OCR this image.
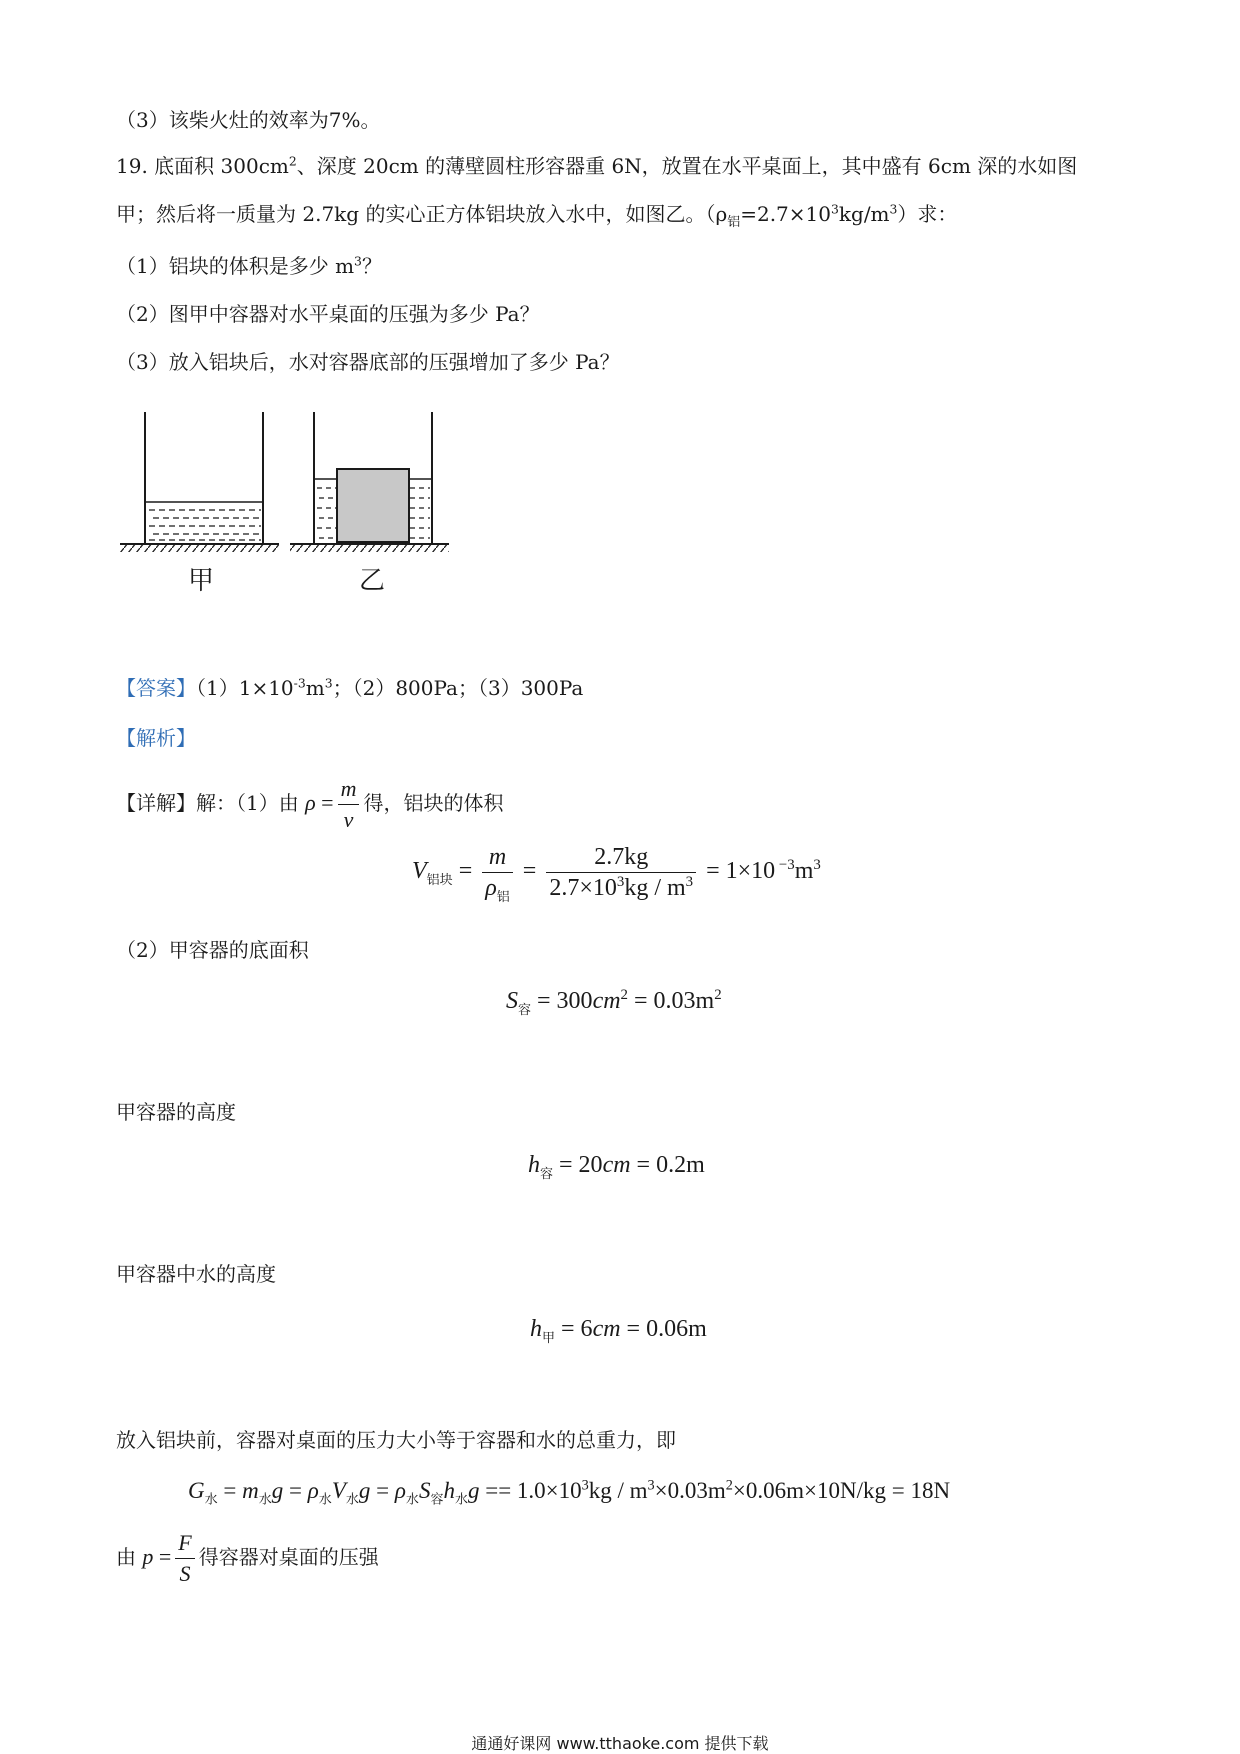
（3）该柴火灶的效率为7%。
19. 底面积 $300cm^2$、深度 20cm 的薄壁圆柱形容器重 6N，放置在水平桌面上，其中盛有 6cm 深的水如图
甲；然后将一质量为 2.7kg 的实心正方体铝块放入水中，如图乙。$(\rho_铝=2.7\times 10^3kg/m^3)$求：
（1）铝块的体积是多少 $m^3$？
（2）图甲中容器对水平桌面的压强为多少 Pa？
（3）放入铝块后，水对容器底部的压强增加了多少 Pa？
甲	乙
【答案】$(1)1\times 10^{-3}m^3$；（2）800Pa；（3）300Pa
【解析】
【详解】解：（1）由 $\rho = \frac{m}{v}$ 得，铝块的体积
$V_{铝块} = \frac{m}{\rho_铝} = \frac{2.7kg}{2.7\times 10^3kg / m^3} = 1\times 10$ $^{-3}m^3$
（2）甲容器的底面积
$S_容 = 300cm^2 = 0.03m^2$
甲容器的高度
$h_容 = 20cm = 0.2m$
甲容器中水的高度
$h_甲 = 6cm = 0.06m$
放入铝块前，容器对桌面的压力大小等于容器和水的总重力，即
$G_水 = m_水g = \rho_水V_水g = \rho_水S_容h_水g == 1.0\times 10^3kg / m^3\times 0.03m^2\times 0.06m\times 10N/kg = 18N$
由 $p = \frac{F}{S}$ 得容器对桌面的压强
通通好课网 www.tthaoke.com 提供下载
